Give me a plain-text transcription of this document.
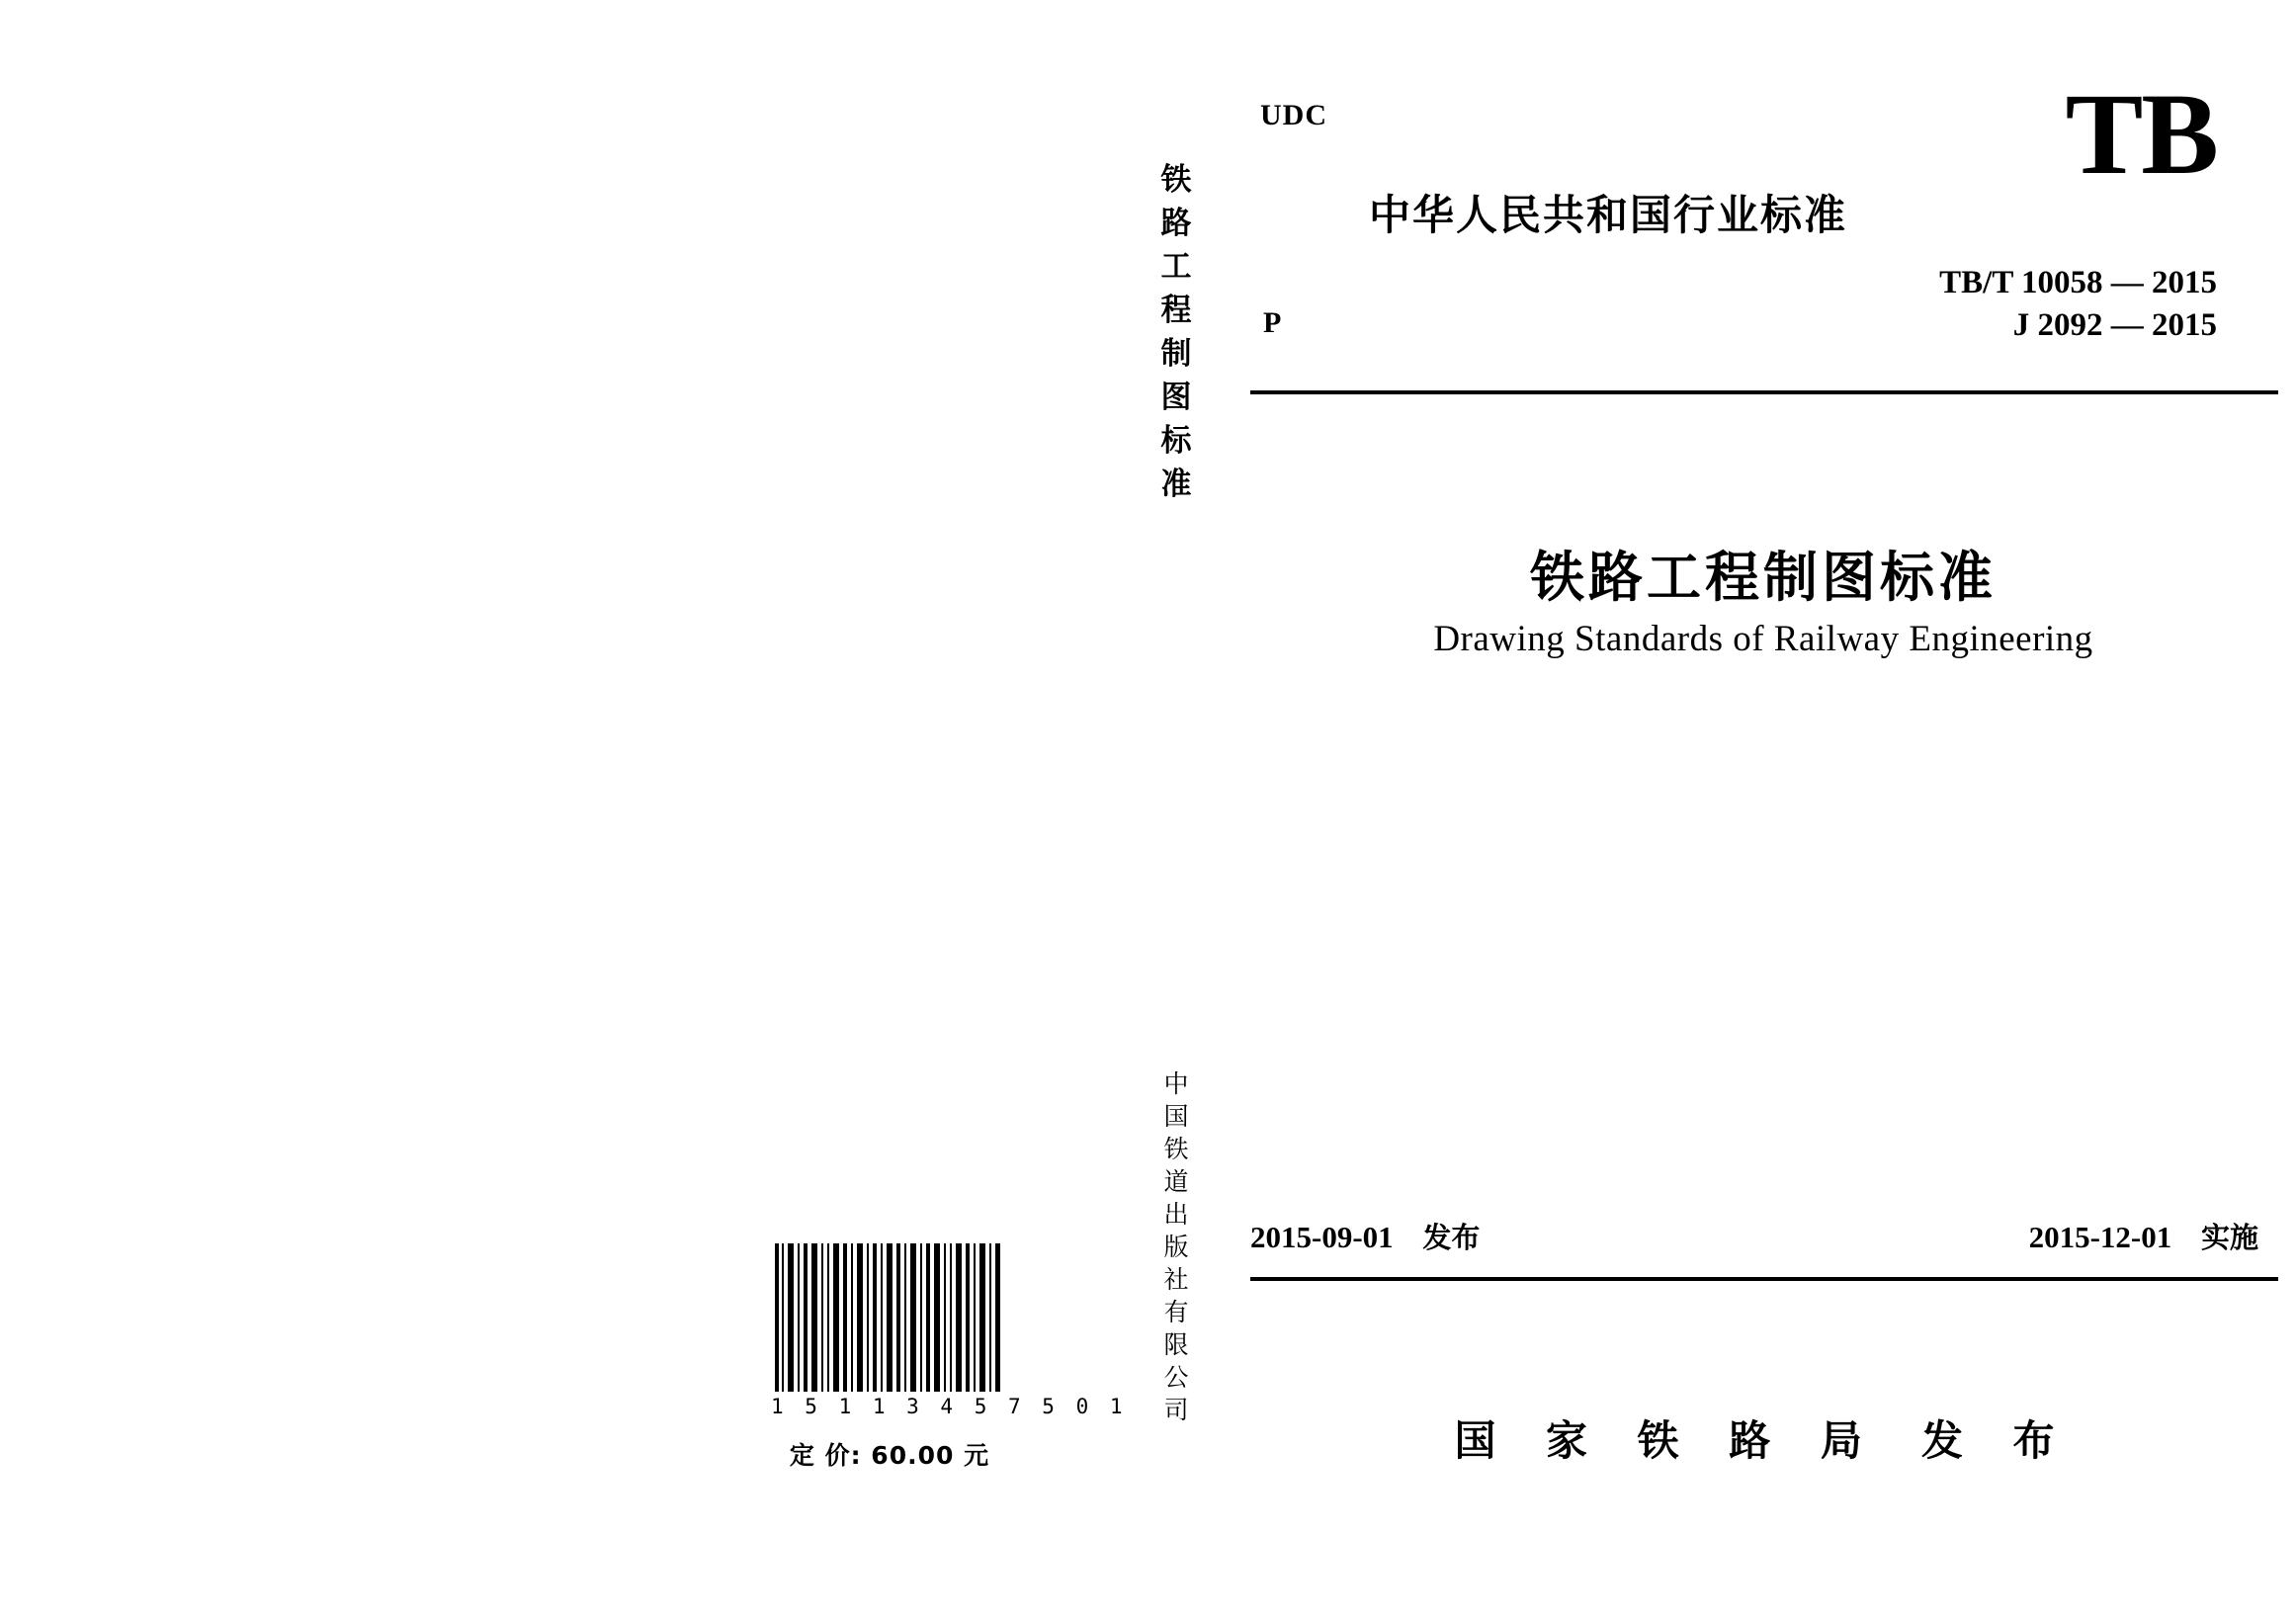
1 5 1 1 3 4 5 7 5 0 1
定 价: 60.00 元
铁
路
工
程
制
图
标
准
中
国
铁
道
出
版
社
有
限
公
司
UDC
中华人民共和国行业标准
TB
TB/T 10058 — 2015
J 2092 — 2015
P
铁路工程制图标准
Drawing Standards of Railway Engineering
2015-09-01 发布	2015-12-01 实施
国 家 铁 路 局 发 布
